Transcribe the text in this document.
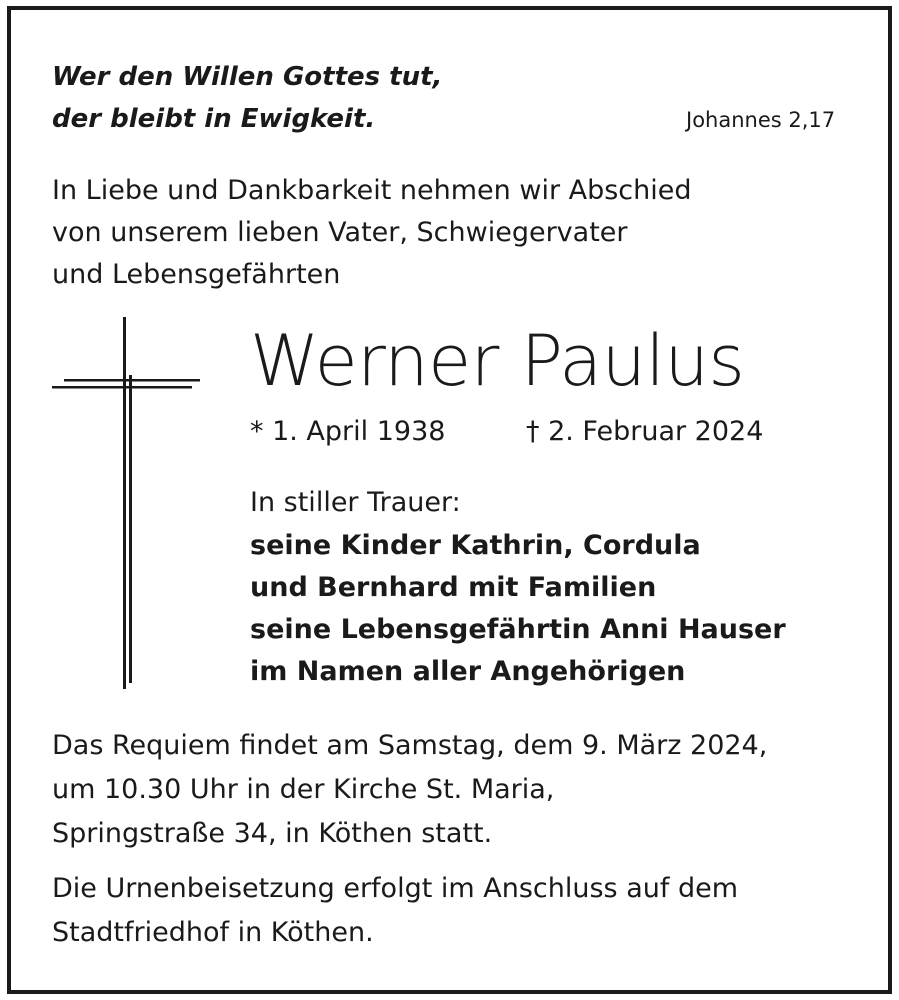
Wer den Willen Gottes tut,
der bleibt in Ewigkeit.	Johannes 2,17
In Liebe und Dankbarkeit nehmen wir Abschied
von unserem lieben Vater, Schwiegervater
und Lebensgefährten
Werner Paulus
* 1. April 1938	† 2. Februar 2024
In stiller Trauer:
seine Kinder Kathrin, Cordula
und Bernhard mit Familien
seine Lebensgefährtin Anni Hauser
im Namen aller Angehörigen
Das Requiem findet am Samstag, dem 9. März 2024,
um 10.30 Uhr in der Kirche St. Maria,
Springstraße 34, in Köthen statt.
Die Urnenbeisetzung erfolgt im Anschluss auf dem
Stadtfriedhof in Köthen.
